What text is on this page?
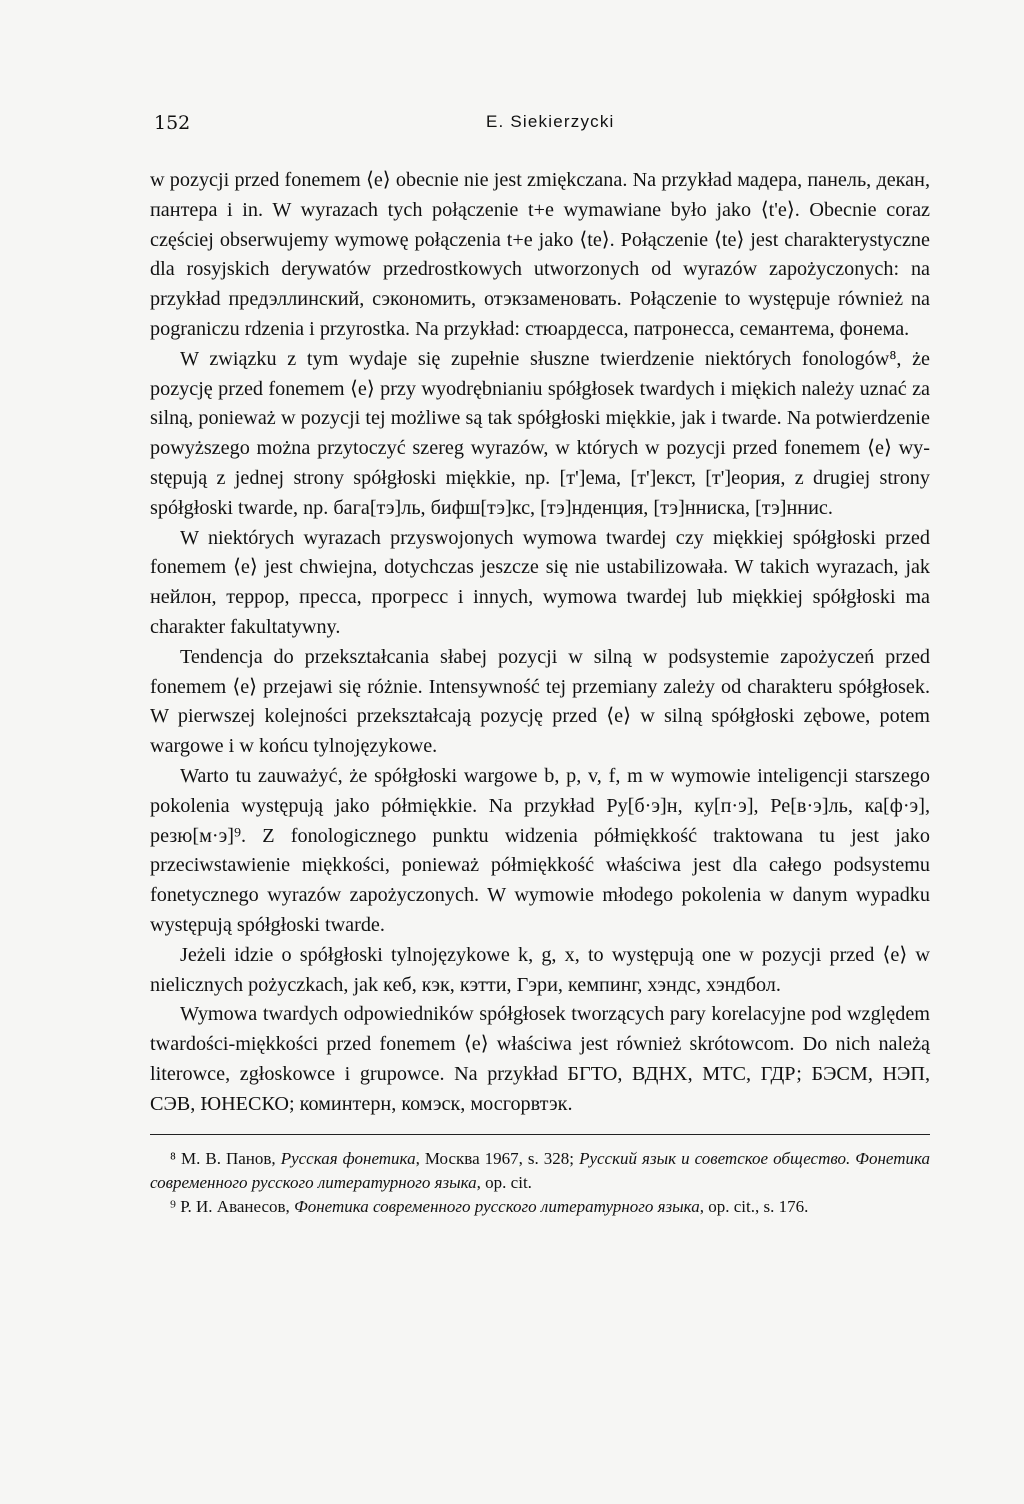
152	E. Siekierzycki

w pozycji przed fonemem ⟨e⟩ obecnie nie jest zmiękczana. Na przykład мадера, панель, декан, пантера i in. W wyrazach tych połączenie t+e wymawiane było jako ⟨t'e⟩. Obecnie coraz częściej obserwujemy wymowę połączenia t+e jako ⟨te⟩. Połączenie ⟨te⟩ jest charakterystyczne dla rosyjskich derywatów przedrostkowych utworzonych od wyrazów zapożyczonych: na przykład предэллинский, сэкономить, отэкзаменовать. Połączenie to występuje również na pograniczu rdzenia i przyrostka. Na przykład: стюардесса, патронесса, семантема, фонема.

W związku z tym wydaje się zupełnie słuszne twierdzenie niektórych fonologów⁸, że pozycję przed fonemem ⟨e⟩ przy wyodrębnianiu spółgłosek twardych i miękich należy uznać za silną, ponieważ w pozycji tej możliwe są tak spółgłoski miękkie, jak i twarde. Na potwierdzenie powyższego można przytoczyć szereg wyrazów, w których w pozycji przed fonemem ⟨e⟩ występują z jednej strony spółgłoski miękkie, np. [т']ема, [т']екст, [т']еория, z drugiej strony spółgłoski twarde, np. бага[тэ]ль, бифш[тэ]кс, [тэ]нденция, [тэ]ннискa, [тэ]ннис.

W niektórych wyrazach przyswojonych wymowa twardej czy miękkiej spółgłoski przed fonemem ⟨e⟩ jest chwiejna, dotychczas jeszcze się nie ustabilizowała. W takich wyrazach, jak нейлон, террор, пресса, прогресс i innych, wymowa twardej lub miękkiej spółgłoski ma charakter fakultatywny.

Tendencja do przekształcania słabej pozycji w silną w podsystemie zapożyczeń przed fonemem ⟨e⟩ przejawi się różnie. Intensywność tej przemiany zależy od charakteru spółgłosek. W pierwszej kolejności przekształcają pozycję przed ⟨e⟩ w silną spółgłoski zębowe, potem wargowe i w końcu tylnojęzykowe.

Warto tu zauważyć, że spółgłoski wargowe b, p, v, f, m w wymowie inteligencji starszego pokolenia występują jako półmiękkie. Na przykład Ру[б·э]н, ку[п·э], Ре[в·э]ль, ка[ф·э], резю[м·э]⁹. Z fonologicznego punktu widzenia półmiękkość traktowana tu jest jako przeciwstawienie miękkości, ponieważ półmiękkość właściwa jest dla całego podsystemu fonetycznego wyrazów zapożyczonych. W wymowie młodego pokolenia w danym wypadku występują spółgłoski twarde.

Jeżeli idzie o spółgłoski tylnojęzykowe k, g, x, to występują one w pozycji przed ⟨e⟩ w nielicznych pożyczkach, jak кеб, кэк, кэтти, Гэри, кемпинг, хэндс, хэндбол.

Wymowa twardych odpowiedników spółgłosek tworzących pary korelacyjne pod względem twardości-miękkości przed fonemem ⟨e⟩ właściwa jest również skrótowcom. Do nich należą literowce, zgłoskowce i grupowce. Na przykład БГТО, ВДНХ, МТС, ГДР; БЭСМ, НЭП, СЭВ, ЮНЕСКО; коминтерн, комэск, мосгорвтэк.

⁸ М. В. Панов, Русская фонетика, Москва 1967, s. 328; Русский язык и советское общество. Фонетика современного русского литературного языка, op. cit.

⁹ Р. И. Аванесов, Фонетика современного русского литературного языка, op. cit., s. 176.
